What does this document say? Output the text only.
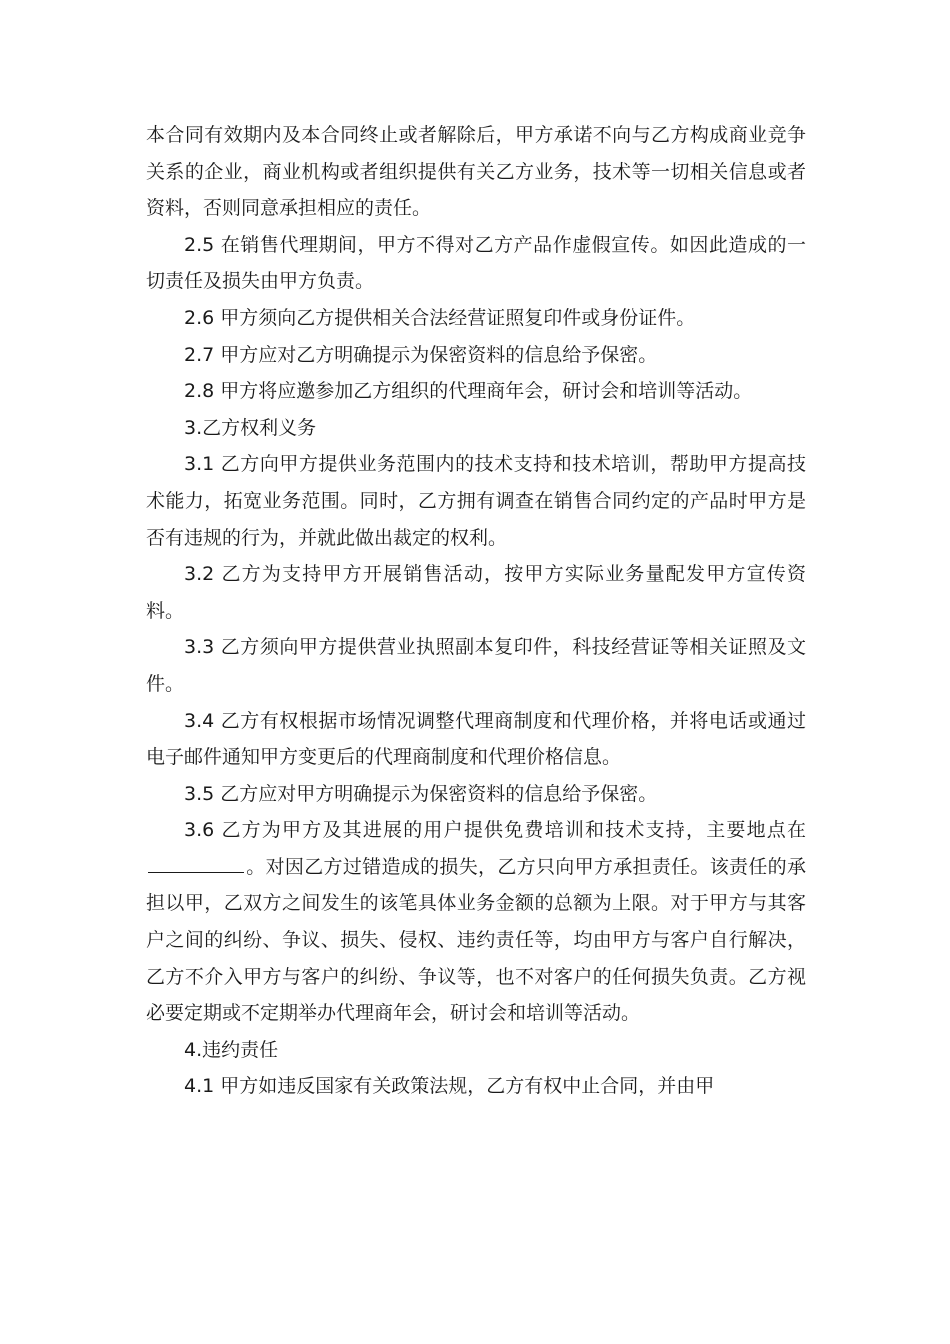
本合同有效期内及本合同终止或者解除后，甲方承诺不向与乙方构成商业竞争关系的企业，商业机构或者组织提供有关乙方业务，技术等一切相关信息或者资料，否则同意承担相应的责任。

2.5 在销售代理期间，甲方不得对乙方产品作虚假宣传。如因此造成的一切责任及损失由甲方负责。

2.6 甲方须向乙方提供相关合法经营证照复印件或身份证件。

2.7 甲方应对乙方明确提示为保密资料的信息给予保密。

2.8 甲方将应邀参加乙方组织的代理商年会，研讨会和培训等活动。

3.乙方权利义务

3.1 乙方向甲方提供业务范围内的技术支持和技术培训，帮助甲方提高技术能力，拓宽业务范围。同时，乙方拥有调查在销售合同约定的产品时甲方是否有违规的行为，并就此做出裁定的权利。

3.2 乙方为支持甲方开展销售活动，按甲方实际业务量配发甲方宣传资料。

3.3 乙方须向甲方提供营业执照副本复印件，科技经营证等相关证照及文件。

3.4 乙方有权根据市场情况调整代理商制度和代理价格，并将电话或通过电子邮件通知甲方变更后的代理商制度和代理价格信息。

3.5 乙方应对甲方明确提示为保密资料的信息给予保密。

3.6 乙方为甲方及其进展的用户提供免费培训和技术支持，主要地点在。对因乙方过错造成的损失，乙方只向甲方承担责任。该责任的承担以甲，乙双方之间发生的该笔具体业务金额的总额为上限。对于甲方与其客户之间的纠纷、争议、损失、侵权、违约责任等，均由甲方与客户自行解决，乙方不介入甲方与客户的纠纷、争议等，也不对客户的任何损失负责。乙方视必要定期或不定期举办代理商年会，研讨会和培训等活动。

4.违约责任

4.1 甲方如违反国家有关政策法规，乙方有权中止合同，并由甲
